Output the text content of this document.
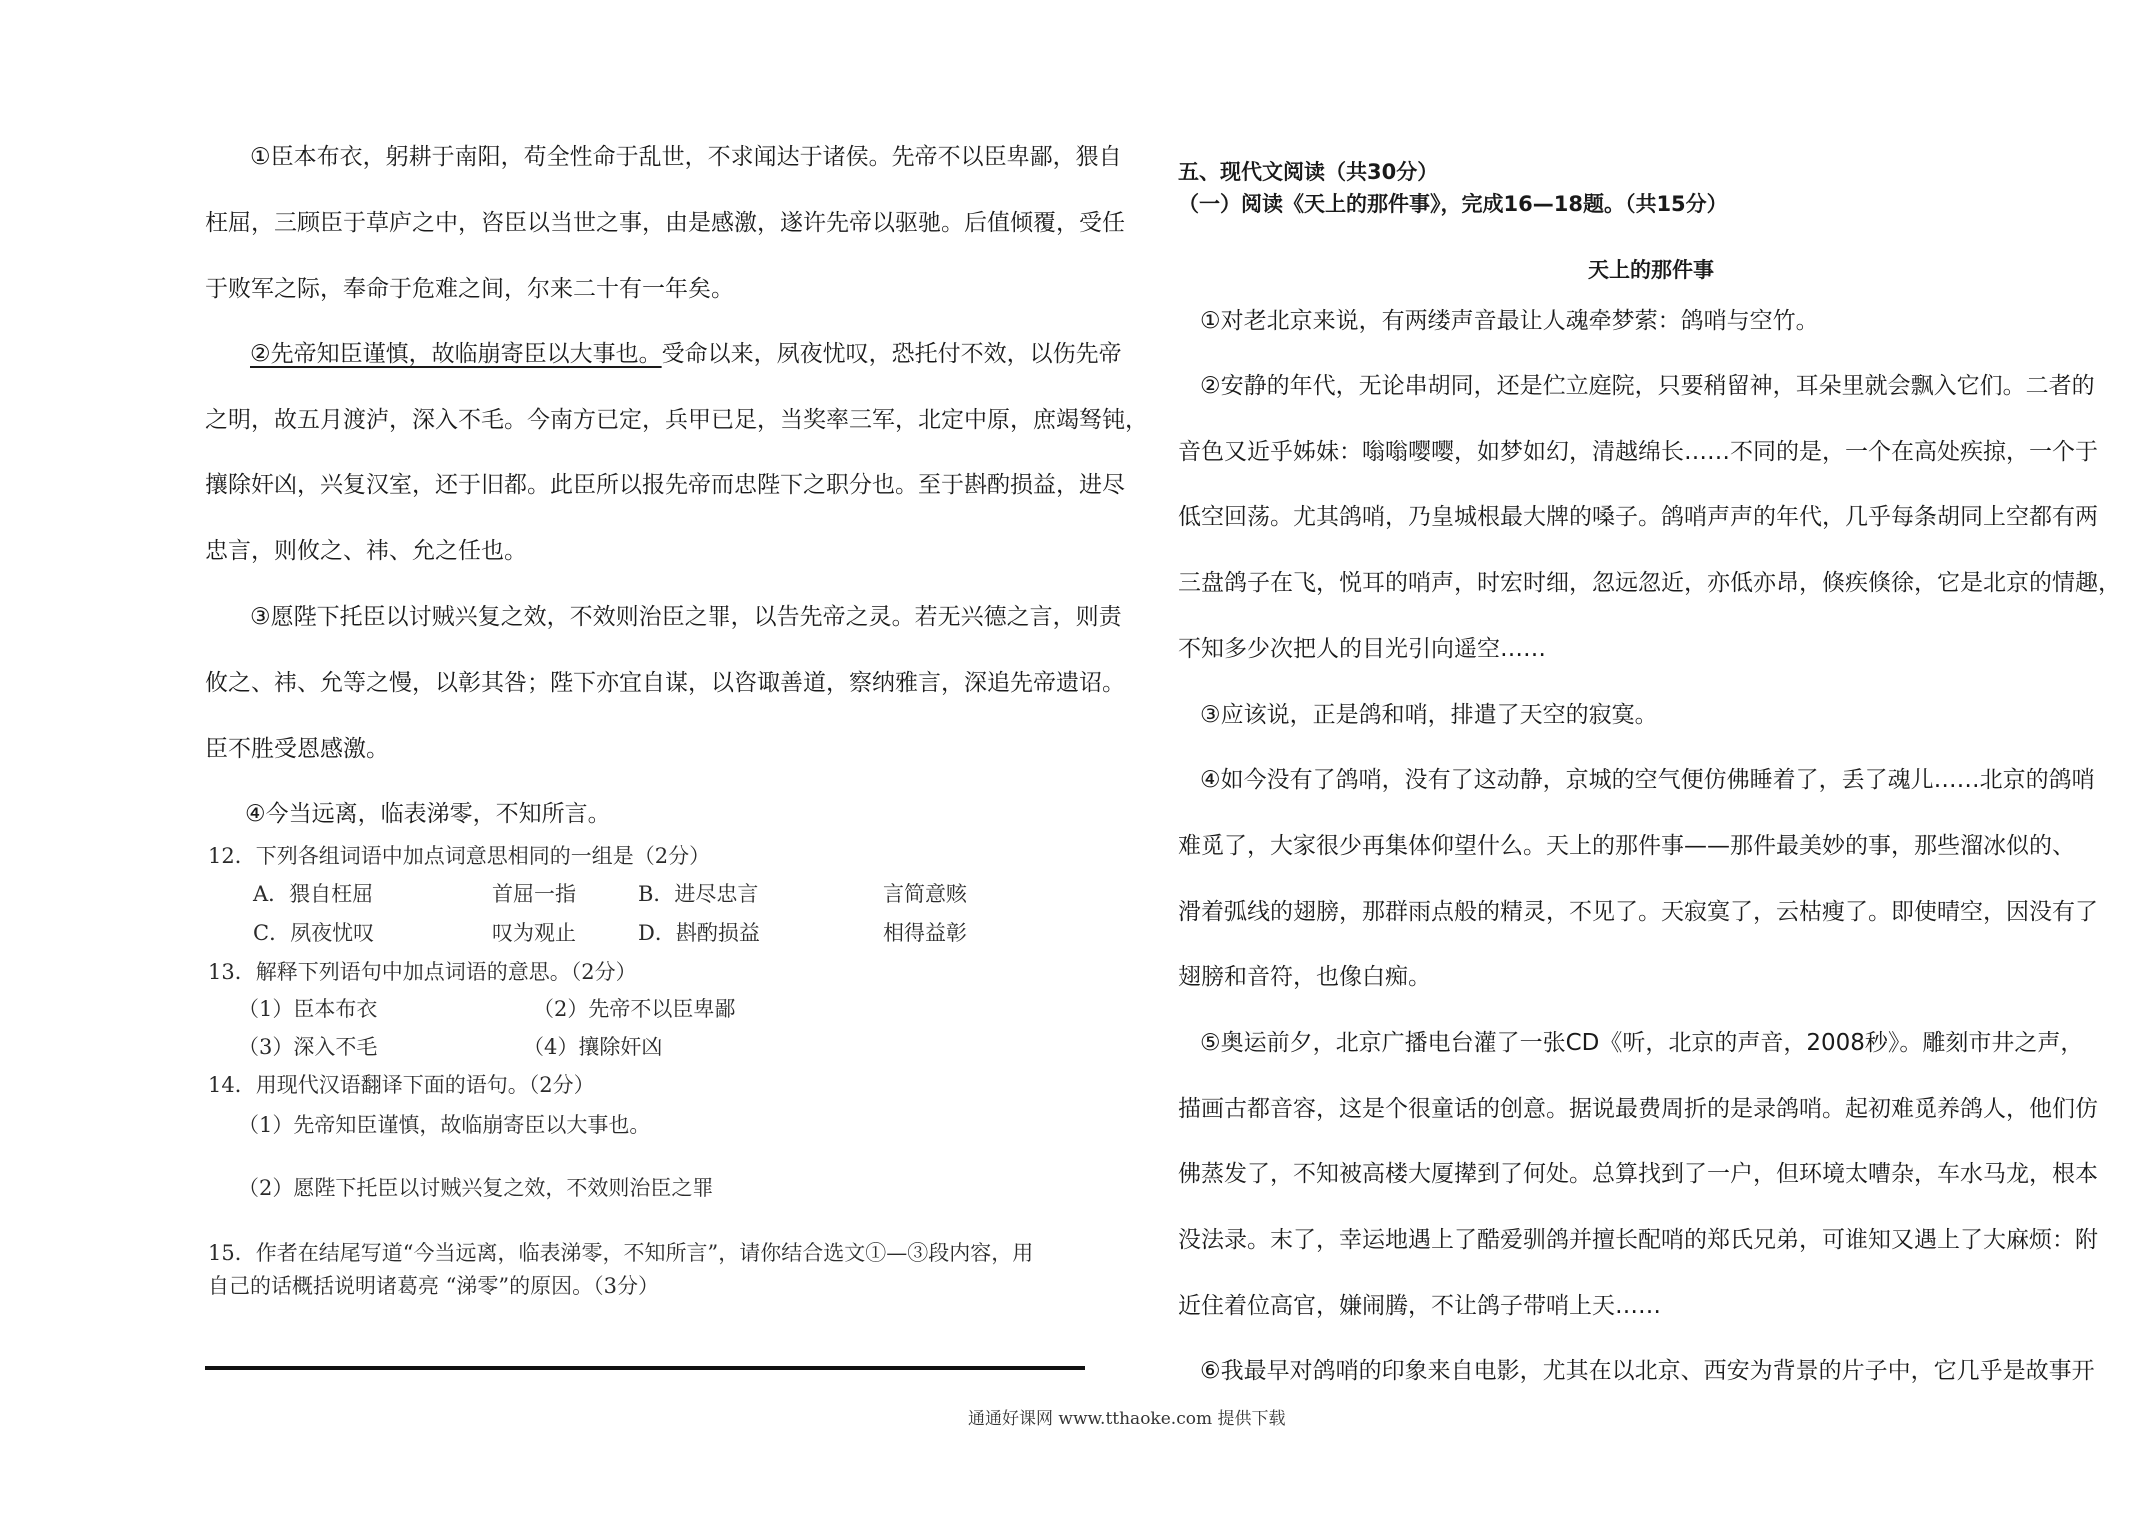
①臣本布衣，躬耕于南阳，苟全性命于乱世，不求闻达于诸侯。先帝不以臣卑鄙，猥自
枉屈，三顾臣于草庐之中，咨臣以当世之事，由是感激，遂许先帝以驱驰。后值倾覆，受任
于败军之际，奉命于危难之间，尔来二十有一年矣。
②先帝知臣谨慎，故临崩寄臣以大事也。受命以来，夙夜忧叹，恐托付不效，以伤先帝
之明，故五月渡泸，深入不毛。今南方已定，兵甲已足，当奖率三军，北定中原，庶竭驽钝，
攘除奸凶，兴复汉室，还于旧都。此臣所以报先帝而忠陛下之职分也。至于斟酌损益，进尽
忠言，则攸之、祎、允之任也。
③愿陛下托臣以讨贼兴复之效，不效则治臣之罪，以告先帝之灵。若无兴德之言，则责
攸之、祎、允等之慢，以彰其咎；陛下亦宜自谋，以咨诹善道，察纳雅言，深追先帝遗诏。
臣不胜受恩感激。
④今当远离，临表涕零，不知所言。
12．下列各组词语中加点词意思相同的一组是（2分）
A．猥自枉屈	首屈一指	B．进尽忠言	言简意赅
C．夙夜忧叹	叹为观止	D．斟酌损益	相得益彰
13．解释下列语句中加点词语的意思。（2分）
（1）臣本布衣	（2）先帝不以臣卑鄙
（3）深入不毛	（4）攘除奸凶
14．用现代汉语翻译下面的语句。（2分）
（1）先帝知臣谨慎，故临崩寄臣以大事也。
（2）愿陛下托臣以讨贼兴复之效，不效则治臣之罪
15．作者在结尾写道“今当远离，临表涕零，不知所言”，请你结合选文①—③段内容，用
自己的话概括说明诸葛亮 “涕零”的原因。（3分）
五、现代文阅读（共30分）
（一）阅读《天上的那件事》，完成16—18题。（共15分）
天上的那件事
①对老北京来说，有两缕声音最让人魂牵梦萦：鸽哨与空竹。
②安静的年代，无论串胡同，还是伫立庭院，只要稍留神，耳朵里就会飘入它们。二者的
音色又近乎姊妹：嗡嗡嘤嘤，如梦如幻，清越绵长……不同的是，一个在高处疾掠，一个于
低空回荡。尤其鸽哨，乃皇城根最大牌的嗓子。鸽哨声声的年代，几乎每条胡同上空都有两
三盘鸽子在飞，悦耳的哨声，时宏时细，忽远忽近，亦低亦昂，倏疾倏徐，它是北京的情趣，
不知多少次把人的目光引向遥空……
③应该说，正是鸽和哨，排遣了天空的寂寞。
④如今没有了鸽哨，没有了这动静，京城的空气便仿佛睡着了，丢了魂儿……北京的鸽哨
难觅了，大家很少再集体仰望什么。天上的那件事——那件最美妙的事，那些溜冰似的、
滑着弧线的翅膀，那群雨点般的精灵，不见了。天寂寞了，云枯瘦了。即使晴空，因没有了
翅膀和音符，也像白痴。
⑤奥运前夕，北京广播电台灌了一张CD《听，北京的声音，2008秒》。雕刻市井之声，
描画古都音容，这是个很童话的创意。据说最费周折的是录鸽哨。起初难觅养鸽人，他们仿
佛蒸发了，不知被高楼大厦撵到了何处。总算找到了一户，但环境太嘈杂，车水马龙，根本
没法录。末了，幸运地遇上了酷爱驯鸽并擅长配哨的郑氏兄弟，可谁知又遇上了大麻烦：附
近住着位高官，嫌闹腾，不让鸽子带哨上天……
⑥我最早对鸽哨的印象来自电影，尤其在以北京、西安为背景的片子中，它几乎是故事开
通通好课网 www.tthaoke.com 提供下载
